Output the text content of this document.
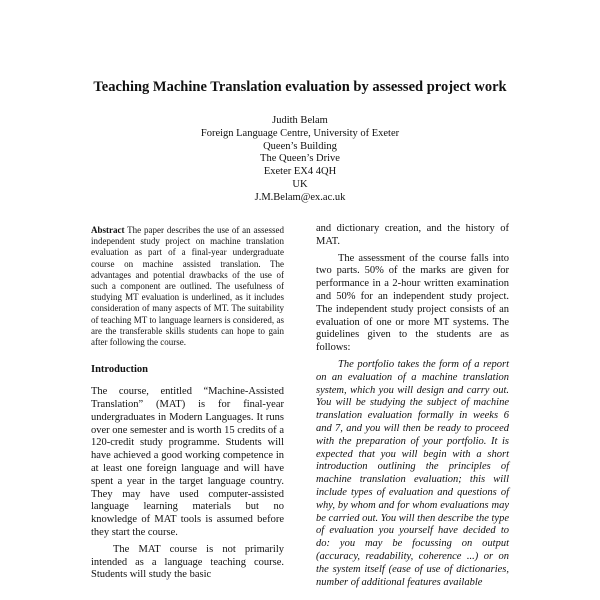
Teaching Machine Translation evaluation by assessed project work
Judith Belam
Foreign Language Centre, University of Exeter
Queen’s Building
The Queen’s Drive
Exeter EX4 4QH
UK
J.M.Belam@ex.ac.uk

Abstract The paper describes the use of an assessed independent study project on machine translation evaluation as part of a final-year undergraduate course on machine assisted translation. The advantages and potential drawbacks of the use of such a component are outlined. The usefulness of studying MT evaluation is underlined, as it includes consideration of many aspects of MT. The suitability of teaching MT to language learners is considered, as are the transferable skills students can hope to gain after following the course.

Introduction

The course, entitled “Machine-Assisted Translation” (MAT) is for final-year undergraduates in Modern Languages. It runs over one semester and is worth 15 credits of a 120-credit study programme. Students will have achieved a good working competence in at least one foreign language and will have spent a year in the target language country. They may have used computer-assisted language learning materials but no knowledge of MAT tools is assumed before they start the course.

The MAT course is not primarily intended as a language teaching course. Students will study the basic

and dictionary creation, and the history of MAT.

The assessment of the course falls into two parts. 50% of the marks are given for performance in a 2-hour written examination and 50% for an independent study project. The independent study project consists of an evaluation of one or more MT systems. The guidelines given to the students are as follows:

The portfolio takes the form of a report on an evaluation of a machine translation system, which you will design and carry out. You will be studying the subject of machine translation evaluation formally in weeks 6 and 7, and you will then be ready to proceed with the preparation of your portfolio. It is expected that you will begin with a short introduction outlining the principles of machine translation evaluation; this will include types of evaluation and questions of why, by whom and for whom evaluations may be carried out. You will then describe the type of evaluation you yourself have decided to do: you may be focussing on output (accuracy, readability, coherence ...) or on the system itself (ease of use of dictionaries, number of additional features available
